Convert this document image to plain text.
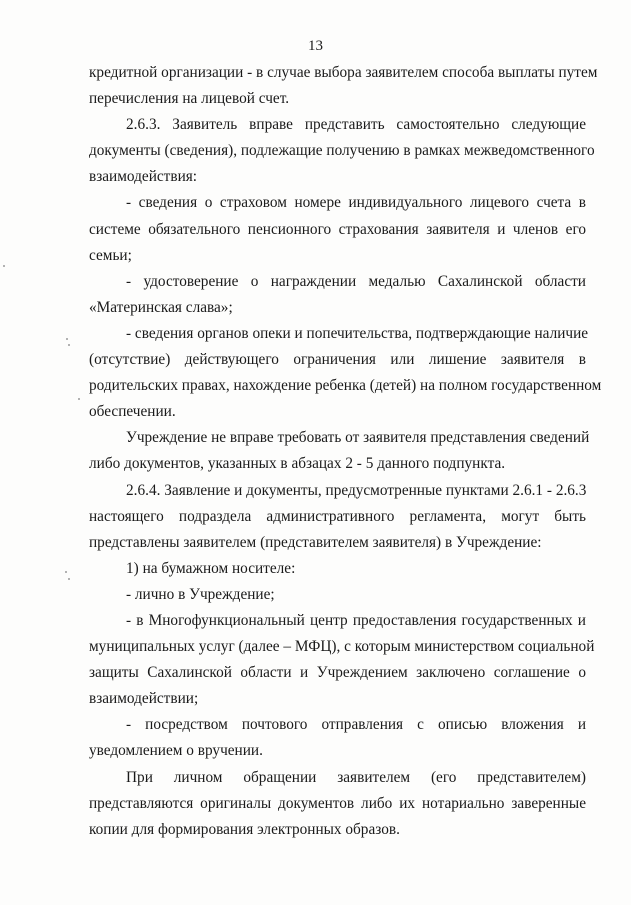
13
кредитной организации - в случае выбора заявителем способа выплаты путем
перечисления на лицевой счет.
2.6.3. Заявитель вправе представить самостоятельно следующие
документы (сведения), подлежащие получению в рамках межведомственного
взаимодействия:
- сведения о страховом номере индивидуального лицевого счета в
системе обязательного пенсионного страхования заявителя и членов его
семьи;
- удостоверение о награждении медалью Сахалинской области
«Материнская слава»;
- сведения органов опеки и попечительства, подтверждающие наличие
(отсутствие) действующего ограничения или лишение заявителя в
родительских правах, нахождение ребенка (детей) на полном государственном
обеспечении.
Учреждение не вправе требовать от заявителя представления сведений
либо документов, указанных в абзацах 2 - 5 данного подпункта.
2.6.4. Заявление и документы, предусмотренные пунктами 2.6.1 - 2.6.3
настоящего подраздела административного регламента, могут быть
представлены заявителем (представителем заявителя) в Учреждение:
1) на бумажном носителе:
- лично в Учреждение;
- в Многофункциональный центр предоставления государственных и
муниципальных услуг (далее – МФЦ), с которым министерством социальной
защиты Сахалинской области и Учреждением заключено соглашение о
взаимодействии;
- посредством почтового отправления с описью вложения и
уведомлением о вручении.
При личном обращении заявителем (его представителем)
представляются оригиналы документов либо их нотариально заверенные
копии для формирования электронных образов.
